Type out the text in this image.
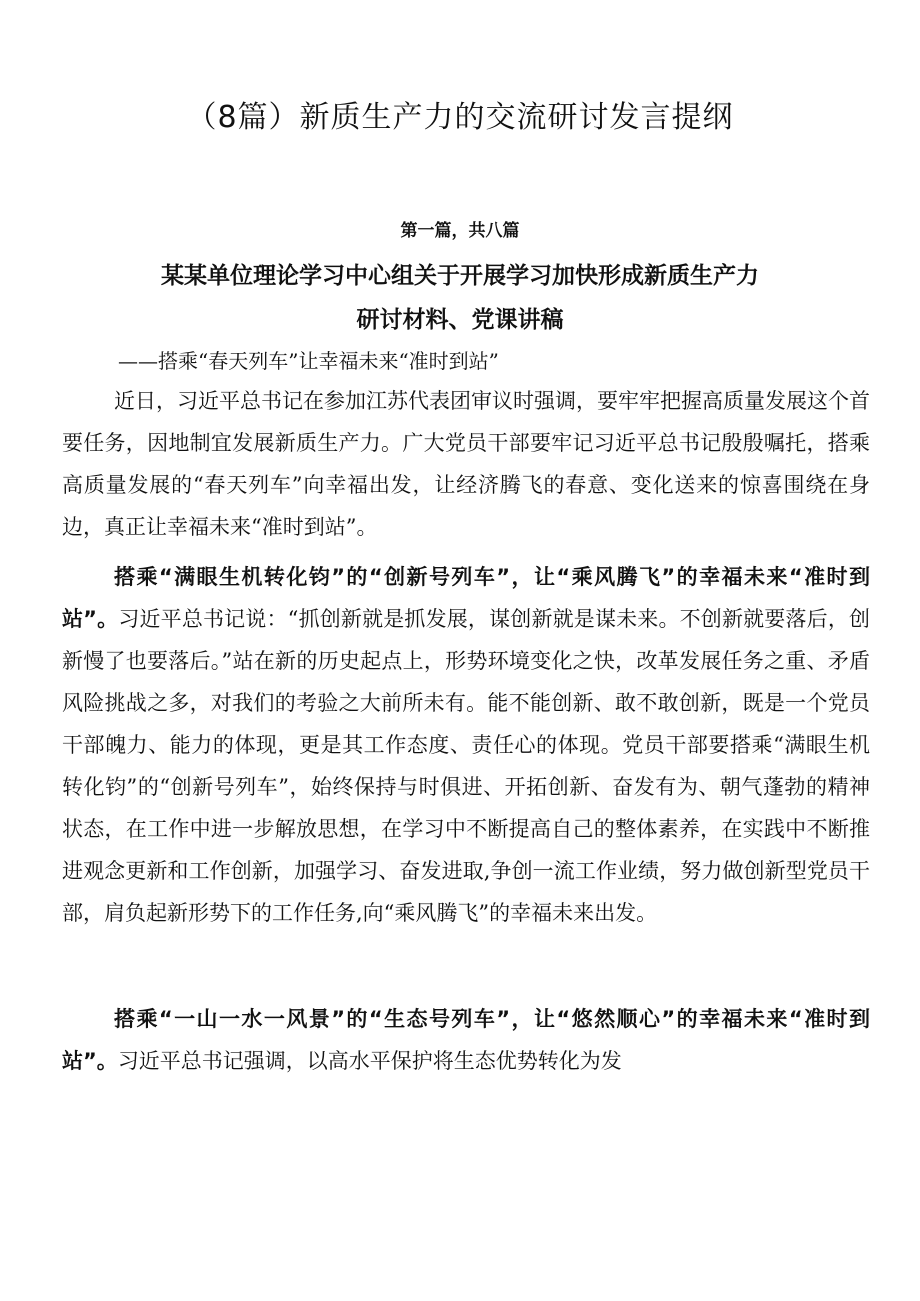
（8篇）新质生产力的交流研讨发言提纲

第一篇，共八篇

某某单位理论学习中心组关于开展学习加快形成新质生产力

研讨材料、党课讲稿

——搭乘“春天列车”让幸福未来“准时到站”

近日，习近平总书记在参加江苏代表团审议时强调，要牢牢把握高质量发展这个首要任务，因地制宜发展新质生产力。广大党员干部要牢记习近平总书记殷殷嘱托，搭乘高质量发展的“春天列车”向幸福出发，让经济腾飞的春意、变化送来的惊喜围绕在身边，真正让幸福未来“准时到站”。

搭乘“满眼生机转化钧”的“创新号列车”，让“乘风腾飞”的幸福未来“准时到站”。习近平总书记说：“抓创新就是抓发展，谋创新就是谋未来。不创新就要落后，创新慢了也要落后。”站在新的历史起点上，形势环境变化之快，改革发展任务之重、矛盾风险挑战之多，对我们的考验之大前所未有。能不能创新、敢不敢创新，既是一个党员干部魄力、能力的体现，更是其工作态度、责任心的体现。党员干部要搭乘“满眼生机转化钧”的“创新号列车”，始终保持与时俱进、开拓创新、奋发有为、朝气蓬勃的精神状态，在工作中进一步解放思想，在学习中不断提高自己的整体素养，在实践中不断推进观念更新和工作创新，加强学习、奋发进取,争创一流工作业绩，努力做创新型党员干部，肩负起新形势下的工作任务,向“乘风腾飞”的幸福未来出发。

搭乘“一山一水一风景”的“生态号列车”，让“悠然顺心”的幸福未来“准时到站”。习近平总书记强调，以高水平保护将生态优势转化为发
